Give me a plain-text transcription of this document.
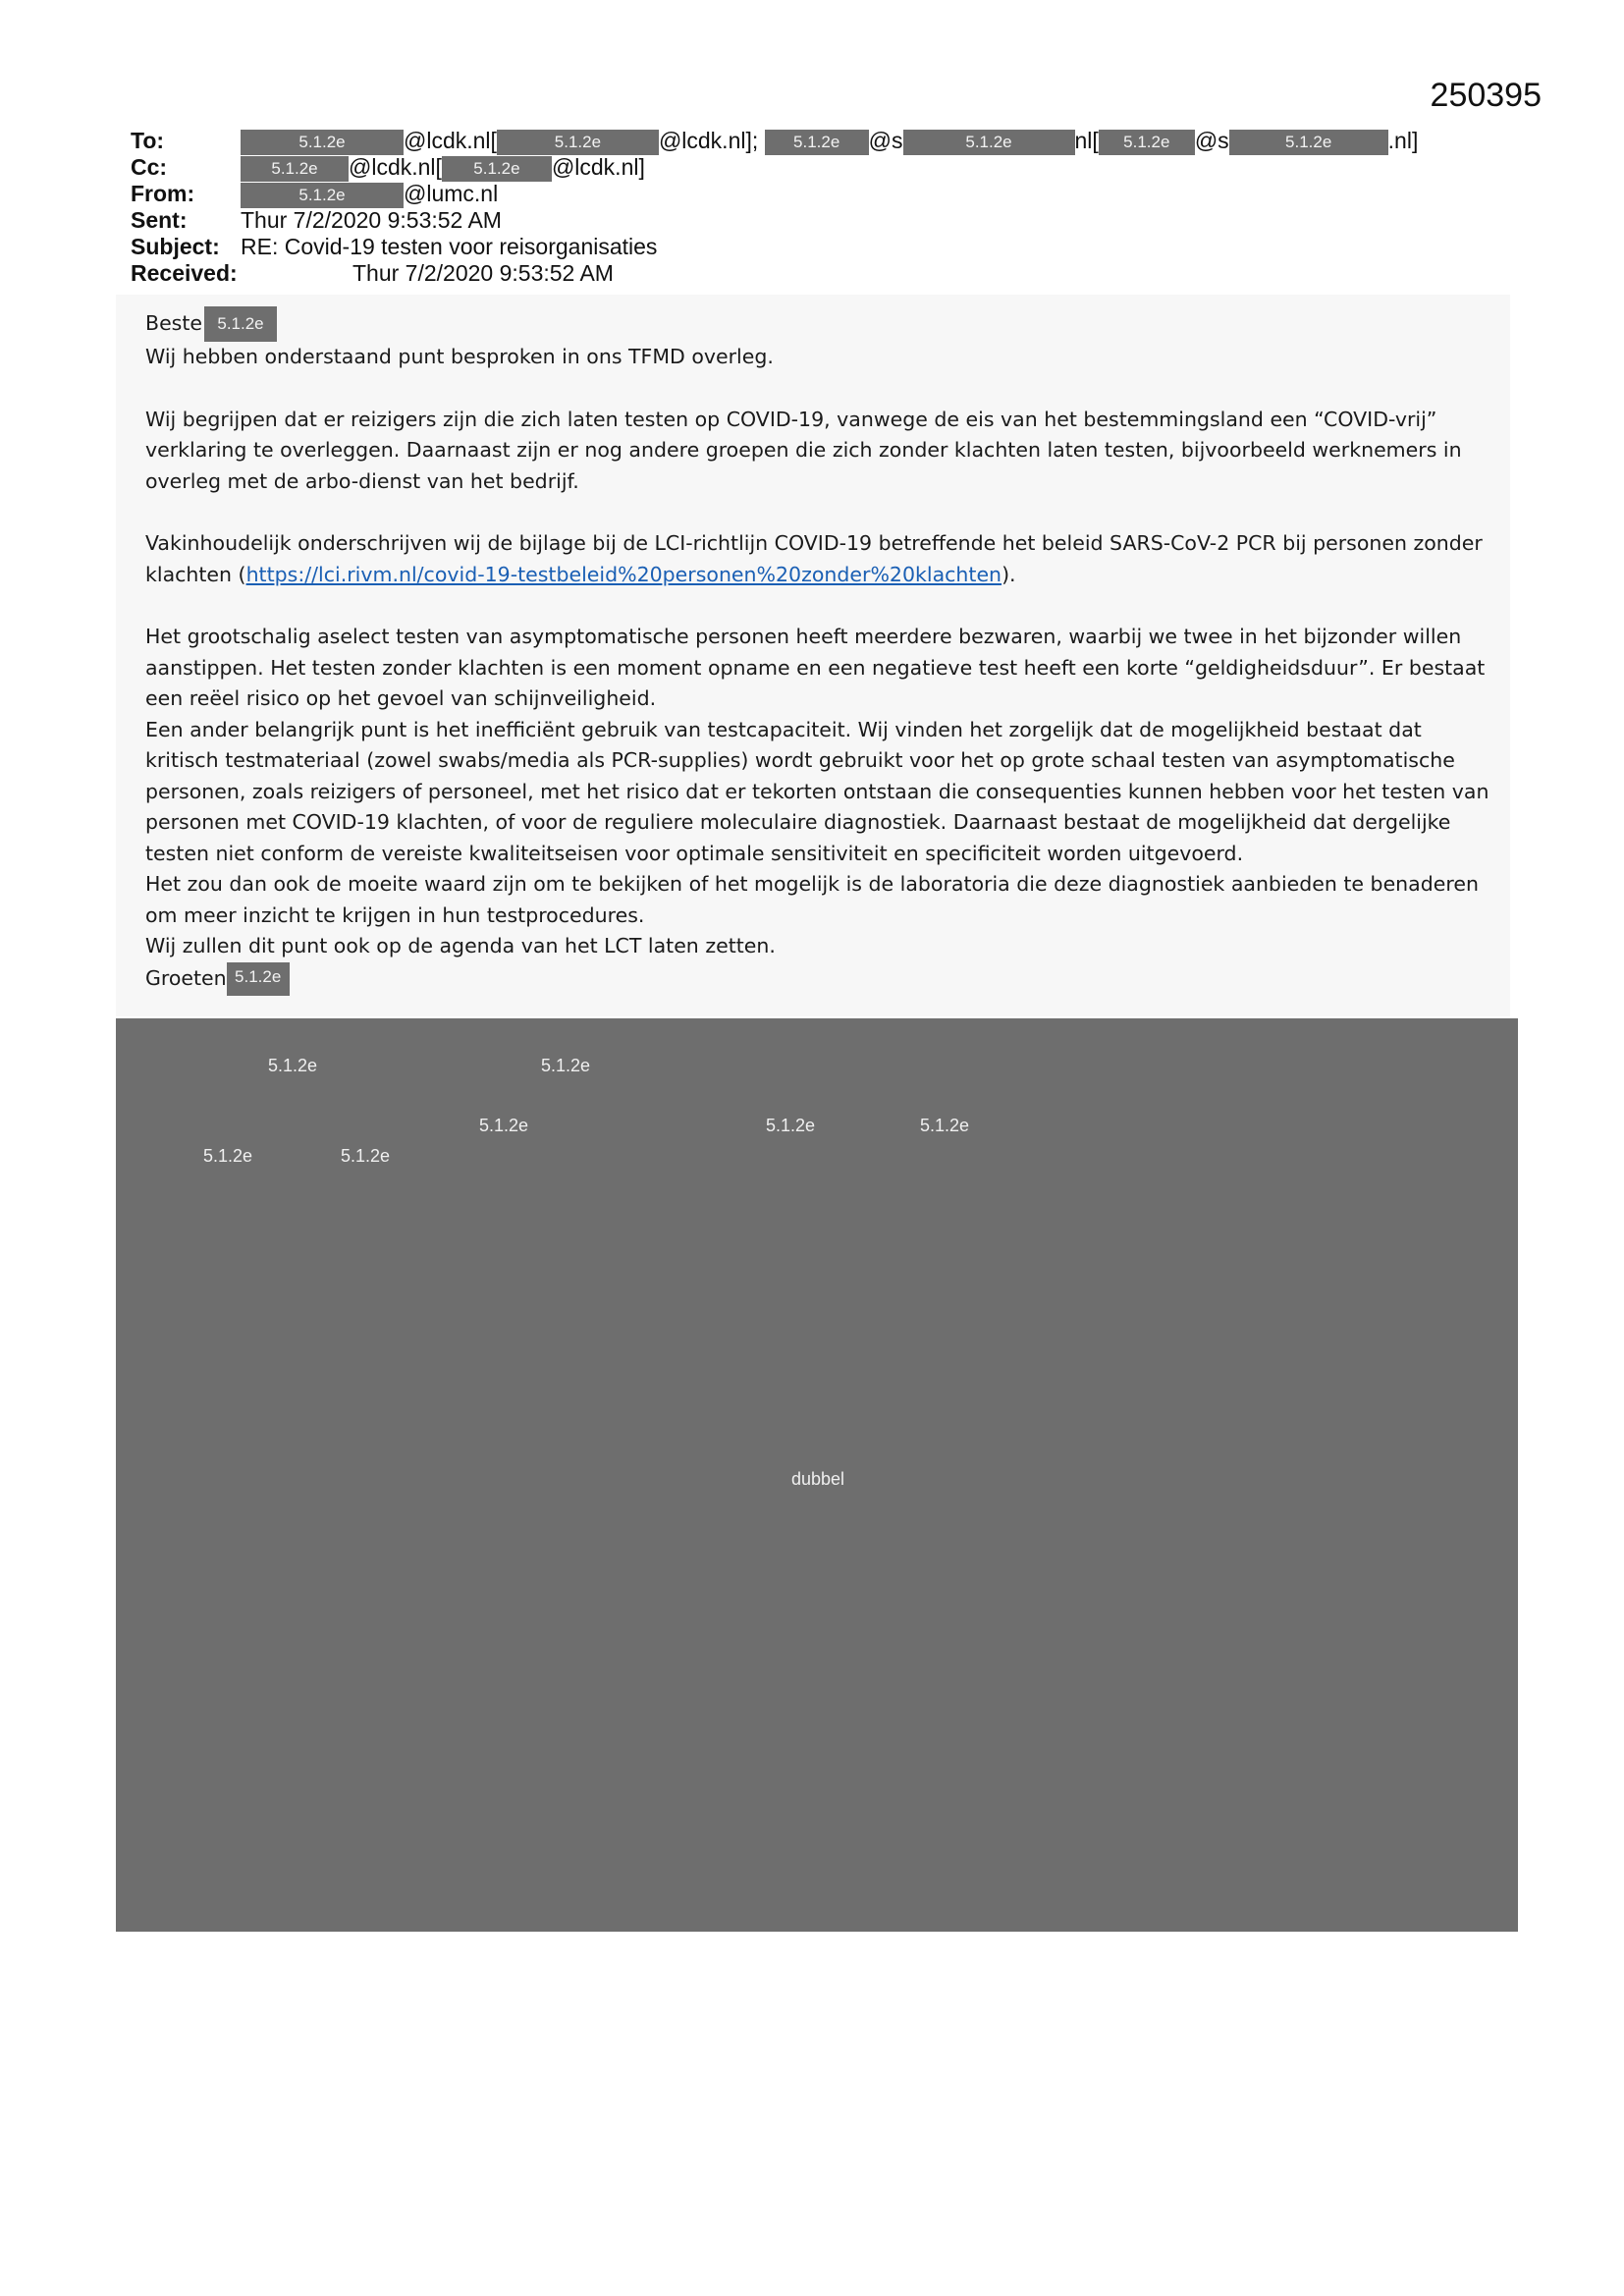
250395
To:	5.1.2e	@lcdk.nl[	5.1.2e	@lcdk.nl]; 5.1.2e @s	5.1.2e	nl[ 5.1.2e @s	5.1.2e .nl]
Cc:	5.1.2e @lcdk.nl[ 5.1.2e @lcdk.nl]
From:	5.1.2e	@lumc.nl
Sent: Thur 7/2/2020 9:53:52 AM
Subject: RE: Covid-19 testen voor reisorganisaties
Received:	Thur 7/2/2020 9:53:52 AM

Beste 5.1.2e

Wij hebben onderstaand punt besproken in ons TFMD overleg.

Wij begrijpen dat er reizigers zijn die zich laten testen op COVID-19, vanwege de eis van het bestemmingsland een “COVID-vrij” verklaring te overleggen. Daarnaast zijn er nog andere groepen die zich zonder klachten laten testen, bijvoorbeeld werknemers in overleg met de arbo-dienst van het bedrijf.

Vakinhoudelijk onderschrijven wij de bijlage bij de LCI-richtlijn COVID-19 betreffende het beleid SARS-CoV-2 PCR bij personen zonder klachten (https://lci.rivm.nl/covid-19-testbeleid%20personen%20zonder%20klachten).

Het grootschalig aselect testen van asymptomatische personen heeft meerdere bezwaren, waarbij we twee in het bijzonder willen aanstippen. Het testen zonder klachten is een moment opname en een negatieve test heeft een korte “geldigheidsduur”. Er bestaat een reëel risico op het gevoel van schijnveiligheid.

Een ander belangrijk punt is het inefficiënt gebruik van testcapaciteit. Wij vinden het zorgelijk dat de mogelijkheid bestaat dat kritisch testmateriaal (zowel swabs/media als PCR-supplies) wordt gebruikt voor het op grote schaal testen van asymptomatische personen, zoals reizigers of personeel, met het risico dat er tekorten ontstaan die consequenties kunnen hebben voor het testen van personen met COVID-19 klachten, of voor de reguliere moleculaire diagnostiek. Daarnaast bestaat de mogelijkheid dat dergelijke testen niet conform de vereiste kwaliteitseisen voor optimale sensitiviteit en specificiteit worden uitgevoerd.

Het zou dan ook de moeite waard zijn om te bekijken of het mogelijk is de laboratoria die deze diagnostiek aanbieden te benaderen om meer inzicht te krijgen in hun testprocedures.

Wij zullen dit punt ook op de agenda van het LCT laten zetten.

Groeten 5.1.2e

5.1.2e	5.1.2e
5.1.2e	5.1.2e	5.1.2e
5.1.2e	5.1.2e
dubbel
